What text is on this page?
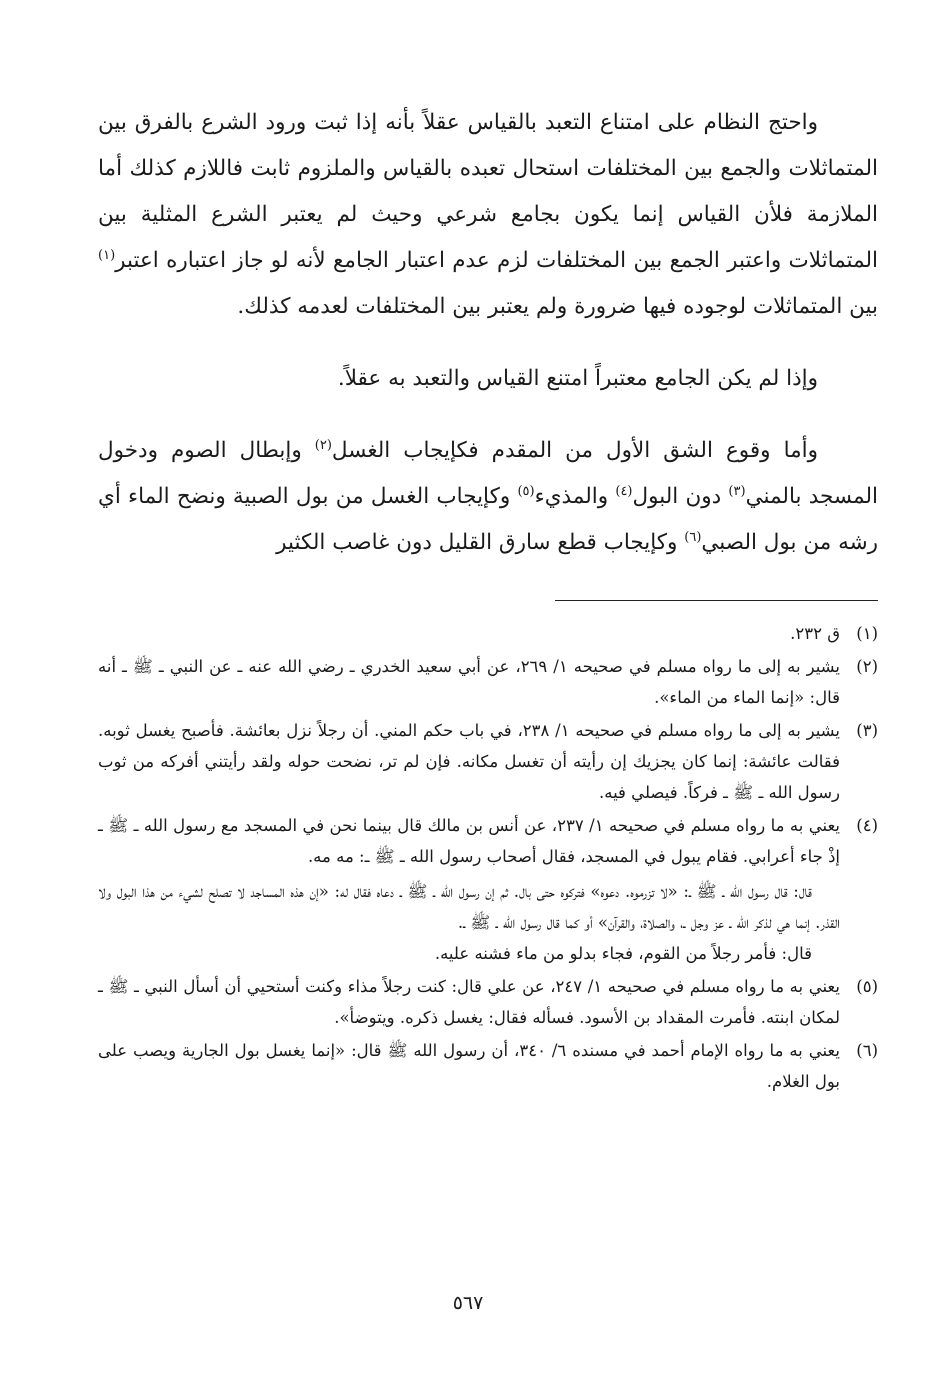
واحتج النظام على امتناع التعبد بالقياس عقلاً بأنه إذا ثبت ورود الشرع بالفرق بين المتماثلات والجمع بين المختلفات استحال تعبده بالقياس والملزوم ثابت فاللازم كذلك أما الملازمة فلأن القياس إنما يكون بجامع شرعي وحيث لم يعتبر الشرع المثلية بين المتماثلات واعتبر الجمع بين المختلفات لزم عدم اعتبار الجامع لأنه لو جاز اعتباره اعتبر$^{(١)}$ بين المتماثلات لوجوده فيها ضرورة ولم يعتبر بين المختلفات لعدمه كذلك.

وإذا لم يكن الجامع معتبراً امتنع القياس والتعبد به عقلاً.

وأما وقوع الشق الأول من المقدم فكإيجاب الغسل$^{(٢)}$ وإبطال الصوم ودخول المسجد بالمني$^{(٣)}$ دون البول$^{(٤)}$ والمذيء$^{(٥)}$ وكإيجاب الغسل من بول الصبية ونضح الماء أي رشه من بول الصبي$^{(٦)}$ وكإيجاب قطع سارق القليل دون غاصب الكثير

(١)
ق ٢٣٢.
(٢)
يشير به إلى ما رواه مسلم في صحيحه ١/ ٢٦٩، عن أبي سعيد الخدري ـ رضي الله عنه ـ عن النبي ـ ﷺ ـ أنه قال: «إنما الماء من الماء».
(٣)
يشير به إلى ما رواه مسلم في صحيحه ١/ ٢٣٨، في باب حكم المني. أن رجلاً نزل بعائشة. فأصبح يغسل ثوبه. فقالت عائشة: إنما كان يجزيك إن رأيته أن تغسل مكانه. فإن لم تر، نضحت حوله ولقد رأيتني أفركه من ثوب رسول الله ـ ﷺ ـ فركاً. فيصلي فيه.
(٤)

يعني به ما رواه مسلم في صحيحه ١/ ٢٣٧، عن أنس بن مالك قال بينما نحن في المسجد مع رسول الله ـ ﷺ ـ إذْ جاء أعرابي. فقام يبول في المسجد، فقال أصحاب رسول الله ـ ﷺ ـ: مه مه.

قال: قال رسول الله ـ ﷺ ـ: «لا تزرموه. دعوه» فتركوه حتى بال. ثم إن رسول الله ـ ﷺ ـ دعاه فقال له: «إن هذه المساجد لا تصلح لشيء من هذا البول ولا القذر. إنما هي لذكر الله ـ عز وجل ـ، والصلاة، والقرآن» أو كما قال رسول الله ـ ﷺ ـ.

قال: فأمر رجلاً من القوم، فجاء بدلو من ماء فشنه عليه.

(٥)
يعني به ما رواه مسلم في صحيحه ١/ ٢٤٧، عن علي قال: كنت رجلاً مذاء وكنت أستحيي أن أسأل النبي ـ ﷺ ـ لمكان ابنته. فأمرت المقداد بن الأسود. فسأله فقال: يغسل ذكره. ويتوضأ».
(٦)
يعني به ما رواه الإمام أحمد في مسنده ٦/ ٣٤٠، أن رسول الله ﷺ قال: «إنما يغسل بول الجارية ويصب على بول الغلام.
٥٦٧
